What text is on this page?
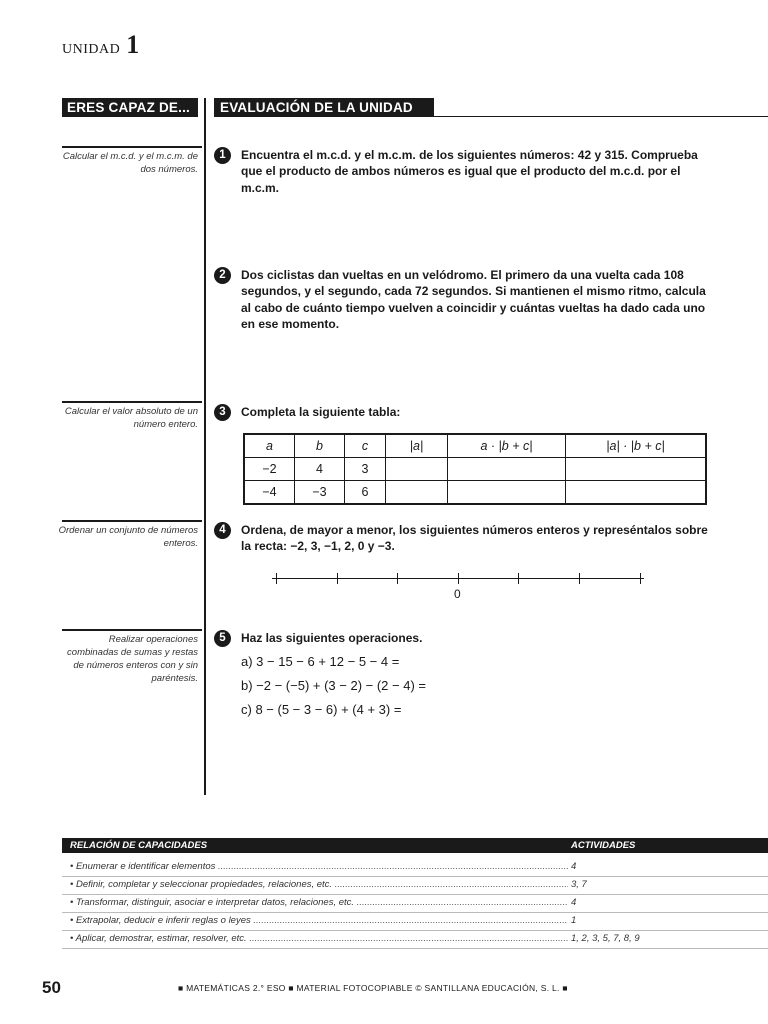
UNIDAD 1
ERES CAPAZ DE...	EVALUACIÓN DE LA UNIDAD
Calcular el m.c.d. y el m.c.m. de dos números.
Calcular el valor absoluto de un número entero.
Ordenar un conjunto de números enteros.
Realizar operaciones combinadas de sumas y restas de números enteros con y sin paréntesis.
1	Encuentra el m.c.d. y el m.c.m. de los siguientes números: 42 y 315. Comprueba que el producto de ambos números es igual que el producto del m.c.d. por el m.c.m.
2	Dos ciclistas dan vueltas en un velódromo. El primero da una vuelta cada 108 segundos, y el segundo, cada 72 segundos. Si mantienen el mismo ritmo, calcula al cabo de cuánto tiempo vuelven a coincidir y cuántas vueltas ha dado cada uno en ese momento.
3	Completa la siguiente tabla:
a	b	c	|a|	a · |b + c|	|a| · |b + c|
−2	4	3			
−4	−3	6			
4	Ordena, de mayor a menor, los siguientes números enteros y represéntalos sobre la recta: −2, 3, −1, 2, 0 y −3.
0
5	Haz las siguientes operaciones.
a) 3 − 15 − 6 + 12 − 5 − 4 =
b) −2 − (−5) + (3 − 2) − (2 − 4) =
c) 8 − (5 − 3 − 6) + (4 + 3) =
RELACIÓN DE CAPACIDADES	ACTIVIDADES
• Enumerar e identificar elementos .....	4
• Definir, completar y seleccionar propiedades, relaciones, etc. .....	3, 7
• Transformar, distinguir, asociar e interpretar datos, relaciones, etc. .....	4
• Extrapolar, deducir e inferir reglas o leyes .....	1
• Aplicar, demostrar, estimar, resolver, etc. .....	1, 2, 3, 5, 7, 8, 9
50	■ MATEMÁTICAS 2.° ESO ■ MATERIAL FOTOCOPIABLE © SANTILLANA EDUCACIÓN, S. L. ■
